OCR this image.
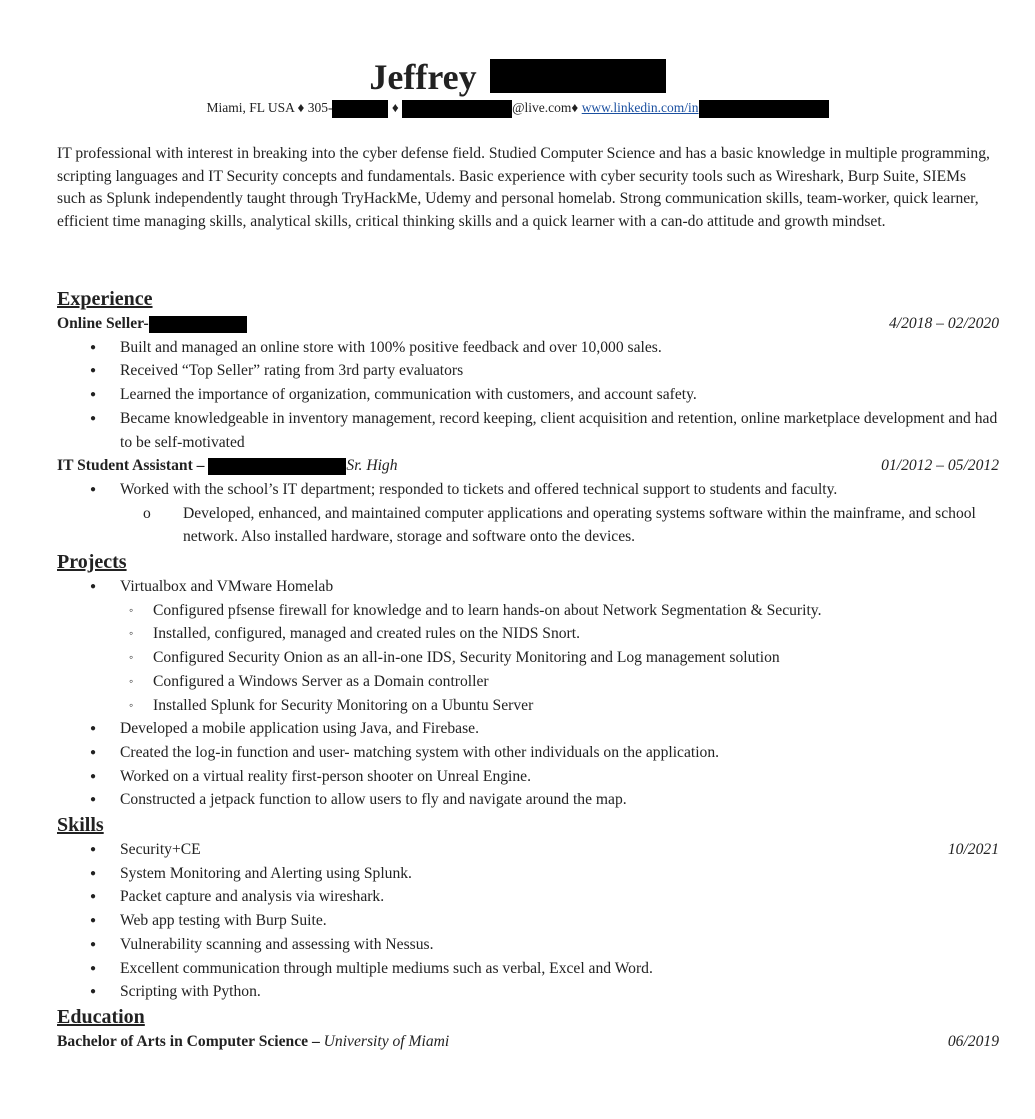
Jeffrey
Miami, FL USA ♦ 305-	♦	@live.com♦ www.linkedin.com/in
IT professional with interest in breaking into the cyber defense field. Studied Computer Science and has a basic knowledge in multiple programming, scripting languages and IT Security concepts and fundamentals. Basic experience with cyber security tools such as Wireshark, Burp Suite, SIEMs such as Splunk independently taught through TryHackMe, Udemy and personal homelab. Strong communication skills, team-worker, quick learner, efficient time managing skills, analytical skills, critical thinking skills and a quick learner with a can-do attitude and growth mindset.
Experience
Online Seller-	4/2018 – 02/2020
● Built and managed an online store with 100% positive feedback and over 10,000 sales.
● Received “Top Seller” rating from 3rd party evaluators
● Learned the importance of organization, communication with customers, and account safety.
● Became knowledgeable in inventory management, record keeping, client acquisition and retention, online marketplace development and had to be self-motivated
IT Student Assistant –	Sr. High	01/2012 – 05/2012
● Worked with the school’s IT department; responded to tickets and offered technical support to students and faculty.
o Developed, enhanced, and maintained computer applications and operating systems software within the mainframe, and school network. Also installed hardware, storage and software onto the devices.
Projects
● Virtualbox and VMware Homelab
◦ Configured pfsense firewall for knowledge and to learn hands-on about Network Segmentation & Security.
◦ Installed, configured, managed and created rules on the NIDS Snort.
◦ Configured Security Onion as an all-in-one IDS, Security Monitoring and Log management solution
◦ Configured a Windows Server as a Domain controller
◦ Installed Splunk for Security Monitoring on a Ubuntu Server
● Developed a mobile application using Java, and Firebase.
● Created the log-in function and user- matching system with other individuals on the application.
● Worked on a virtual reality first-person shooter on Unreal Engine.
● Constructed a jetpack function to allow users to fly and navigate around the map.
Skills
● Security+CE	10/2021
● System Monitoring and Alerting using Splunk.
● Packet capture and analysis via wireshark.
● Web app testing with Burp Suite.
● Vulnerability scanning and assessing with Nessus.
● Excellent communication through multiple mediums such as verbal, Excel and Word.
● Scripting with Python.
Education
Bachelor of Arts in Computer Science – University of Miami	06/2019
